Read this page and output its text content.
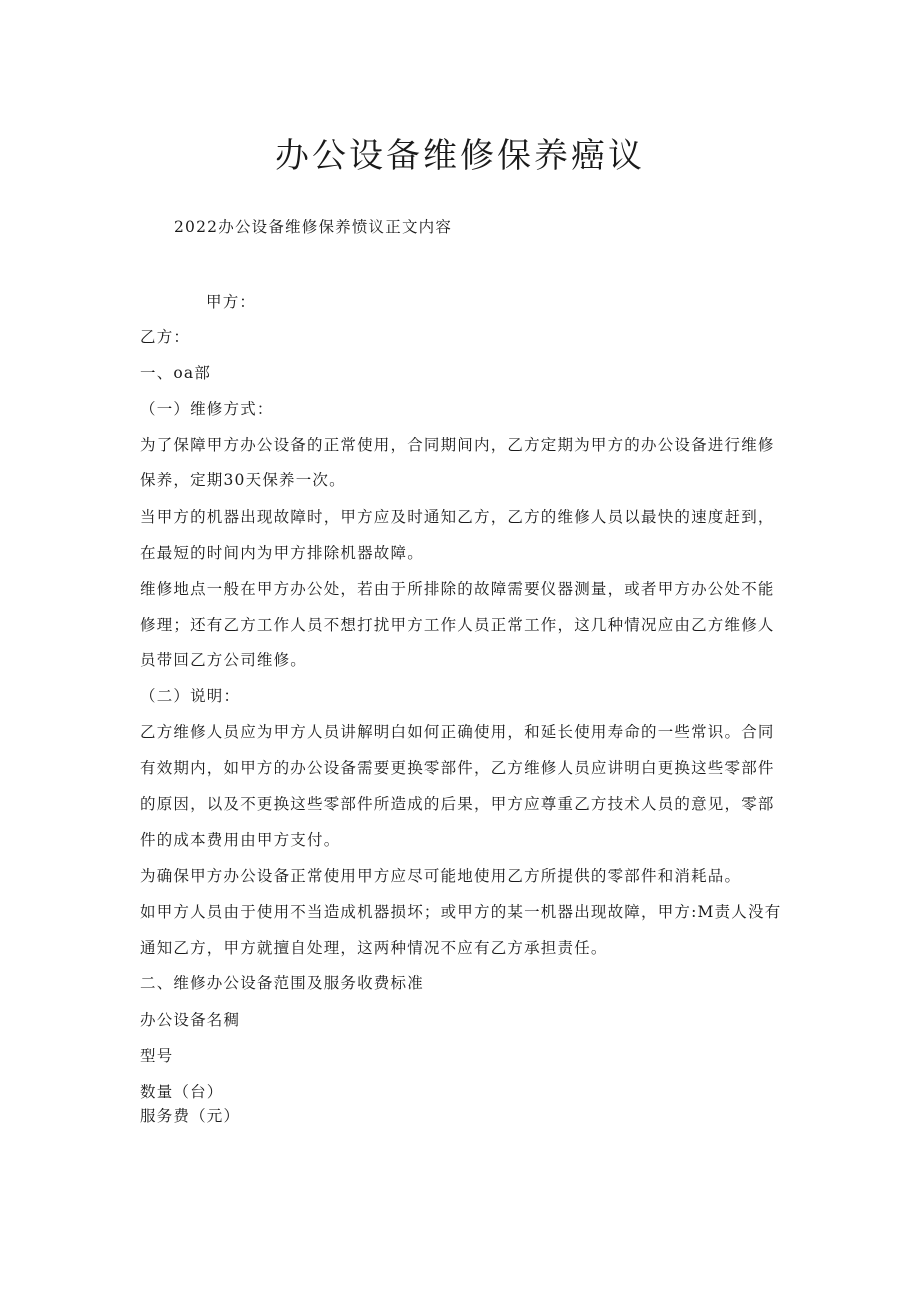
办公设备维修保养癌议
2022办公设备维修保养愤议正文内容
甲方：
乙方：
一、oa部
（一）维修方式：
为了保障甲方办公设备的正常使用，合同期间内，乙方定期为甲方的办公设备进行维修
保养，定期30天保养一次。
当甲方的机器出现故障时，甲方应及时通知乙方，乙方的维修人员以最快的速度赶到，
在最短的时间内为甲方排除机器故障。
维修地点一般在甲方办公处，若由于所排除的故障需要仪器测量，或者甲方办公处不能
修理；还有乙方工作人员不想打扰甲方工作人员正常工作，这几种情况应由乙方维修人
员带回乙方公司维修。
（二）说明：
乙方维修人员应为甲方人员讲解明白如何正确使用，和延长使用寿命的一些常识。合同
有效期内，如甲方的办公设备需要更换零部件，乙方维修人员应讲明白更换这些零部件
的原因，以及不更换这些零部件所造成的后果，甲方应尊重乙方技术人员的意见，零部
件的成本费用由甲方支付。
为确保甲方办公设备正常使用甲方应尽可能地使用乙方所提供的零部件和消耗品。
如甲方人员由于使用不当造成机器损坏；或甲方的某一机器出现故障，甲方:M责人没有
通知乙方，甲方就擅自处理，这两种情况不应有乙方承担责任。
二、维修办公设备范围及服务收费标准
办公设备名稠
型号
数量（台）
服务费（元）
